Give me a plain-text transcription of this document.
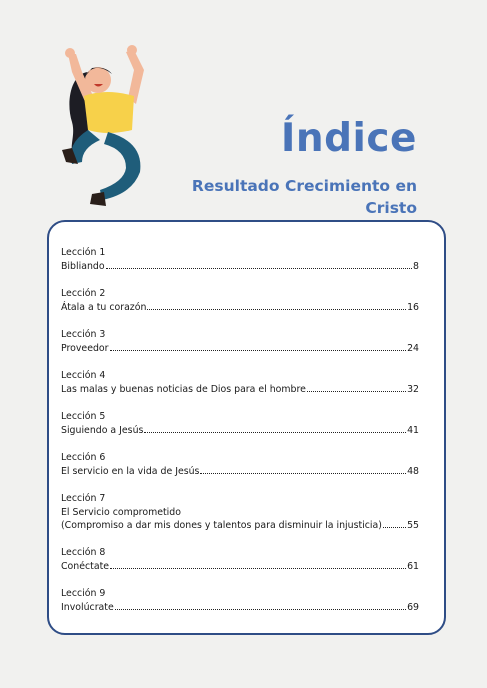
Índice
Resultado Crecimiento en Cristo
Lección 1
Bibliando	8
Lección 2
Átala a tu corazón	16
Lección 3
Proveedor	24
Lección 4
Las malas y buenas noticias de Dios para el hombre	32
Lección 5
Siguiendo a Jesús	41
Lección 6
El servicio en la vida de Jesús	48
Lección 7
El Servicio comprometido
(Compromiso a dar mis dones y talentos para disminuir la injusticia)	55
Lección 8
Conéctate	61
Lección 9
Involúcrate	69
